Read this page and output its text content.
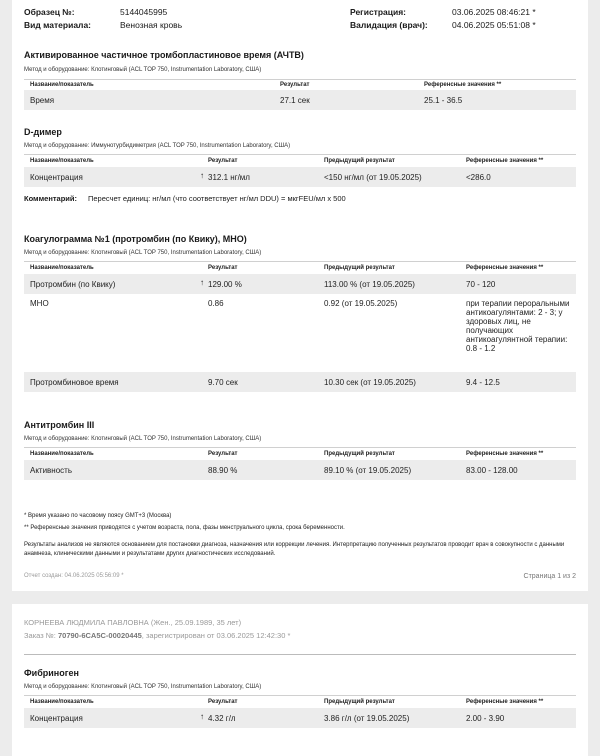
Образец №:	5144045995
Вид материала:	Венозная кровь
Регистрация:	03.06.2025 08:46:21 *
Валидация (врач):	04.06.2025 05:51:08 *
Активированное частичное тромбопластиновое время (АЧТВ)
Метод и оборудование: Клотинговый (ACL TOP 750, Instrumentation Laboratory, США)
Название/показатель	Результат	Референсные значения **
Время	27.1 сек	25.1 - 36.5
D-димер
Метод и оборудование: Иммунотурбидиметрия (ACL TOP 750, Instrumentation Laboratory, США)
Название/показатель	Результат	Предыдущий результат	Референсные значения **
Концентрация	↑ 312.1 нг/мл	<150 нг/мл (от 19.05.2025)	<286.0
Комментарий: Пересчет единиц: нг/мл (что соответствует нг/мл DDU) = мкгFEU/мл x 500
Коагулограмма №1 (протромбин (по Квику), МНО)
Метод и оборудование: Клотинговый (ACL TOP 750, Instrumentation Laboratory, США)
Название/показатель	Результат	Предыдущий результат	Референсные значения **
Протромбин (по Квику)	↑ 129.00 %	113.00 % (от 19.05.2025)	70 - 120
МНО	0.86	0.92 (от 19.05.2025)	при терапии пероральными антикоагулянтами: 2 - 3; у здоровых лиц, не получающих антикоагулянтной терапии: 0.8 - 1.2
Протромбиновое время	9.70 сек	10.30 сек (от 19.05.2025)	9.4 - 12.5
Антитромбин III
Метод и оборудование: Клотинговый (ACL TOP 750, Instrumentation Laboratory, США)
Название/показатель	Результат	Предыдущий результат	Референсные значения **
Активность	88.90 %	89.10 % (от 19.05.2025)	83.00 - 128.00
* Время указано по часовому поясу GMT+3 (Москва)
** Референсные значения приводятся с учетом возраста, пола, фазы менструального цикла, срока беременности.
Результаты анализов не являются основанием для постановки диагноза, назначения или коррекции лечения. Интерпретацию полученных результатов проводит врач в совокупности с данными анамнеза, клиническими данными и результатами других диагностических исследований.
Отчет создан: 04.06.2025 05:56:09 *	Страница 1 из 2
КОРНЕЕВА ЛЮДМИЛА ПАВЛОВНА (Жен., 25.09.1989, 35 лет)
Заказ №: 70790-6CA5C-00020445, зарегистрирован от 03.06.2025 12:42:30 *
Фибриноген
Метод и оборудование: Клотинговый (ACL TOP 750, Instrumentation Laboratory, США)
Название/показатель	Результат	Предыдущий результат	Референсные значения **
Концентрация	↑ 4.32 г/л	3.86 г/л (от 19.05.2025)	2.00 - 3.90
